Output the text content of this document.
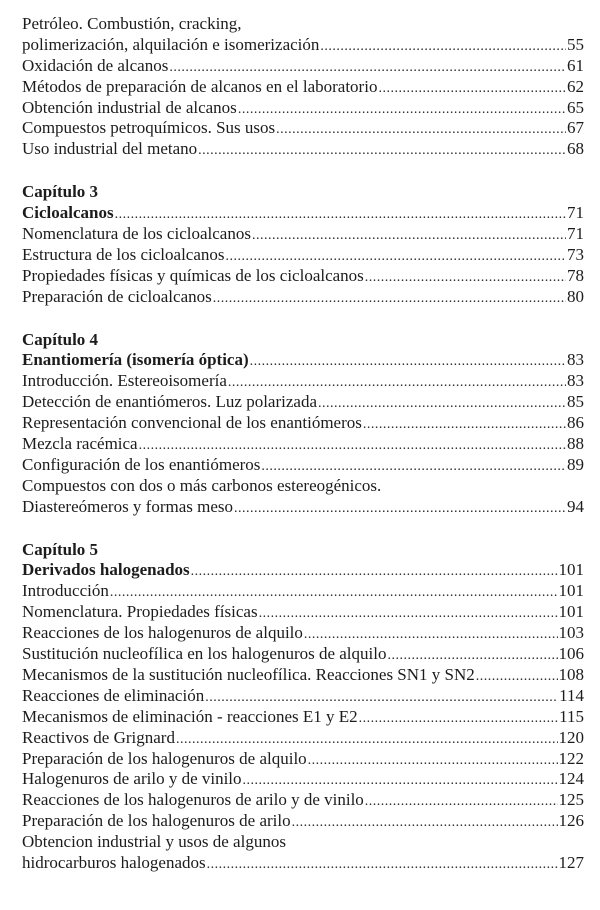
Petróleo. Combustión, cracking,
polimerización, alquilación e isomerización .....	55
Oxidación de alcanos .....	61
Métodos de preparación de alcanos en el laboratorio .....	62
Obtención industrial de alcanos .....	65
Compuestos petroquímicos. Sus usos .....	67
Uso industrial del metano .....	68
Capítulo 3
Cicloalcanos .....	71
Nomenclatura de los cicloalcanos .....	71
Estructura de los cicloalcanos .....	73
Propiedades físicas y químicas de los cicloalcanos .....	78
Preparación de cicloalcanos .....	80
Capítulo 4
Enantiomería (isomería óptica) .....	83
Introducción. Estereoisomería .....	83
Detección de enantiómeros. Luz polarizada .....	85
Representación convencional de los enantiómeros .....	86
Mezcla racémica .....	88
Configuración de los enantiómeros .....	89
Compuestos con dos o más carbonos estereogénicos.
Diastereómeros y formas meso .....	94
Capítulo 5
Derivados halogenados .....	101
Introducción .....	101
Nomenclatura. Propiedades físicas .....	101
Reacciones de los halogenuros de alquilo .....	103
Sustitución nucleofílica en los halogenuros de alquilo .....	106
Mecanismos de la sustitución nucleofílica. Reacciones SN1 y SN2 .....	108
Reacciones de eliminación .....	114
Mecanismos de eliminación - reacciones E1 y E2 .....	115
Reactivos de Grignard .....	120
Preparación de los halogenuros de alquilo .....	122
Halogenuros de arilo y de vinilo .....	124
Reacciones de los halogenuros de arilo y de vinilo .....	125
Preparación de los halogenuros de arilo .....	126
Obtencion industrial y usos de algunos
hidrocarburos halogenados .....	127
